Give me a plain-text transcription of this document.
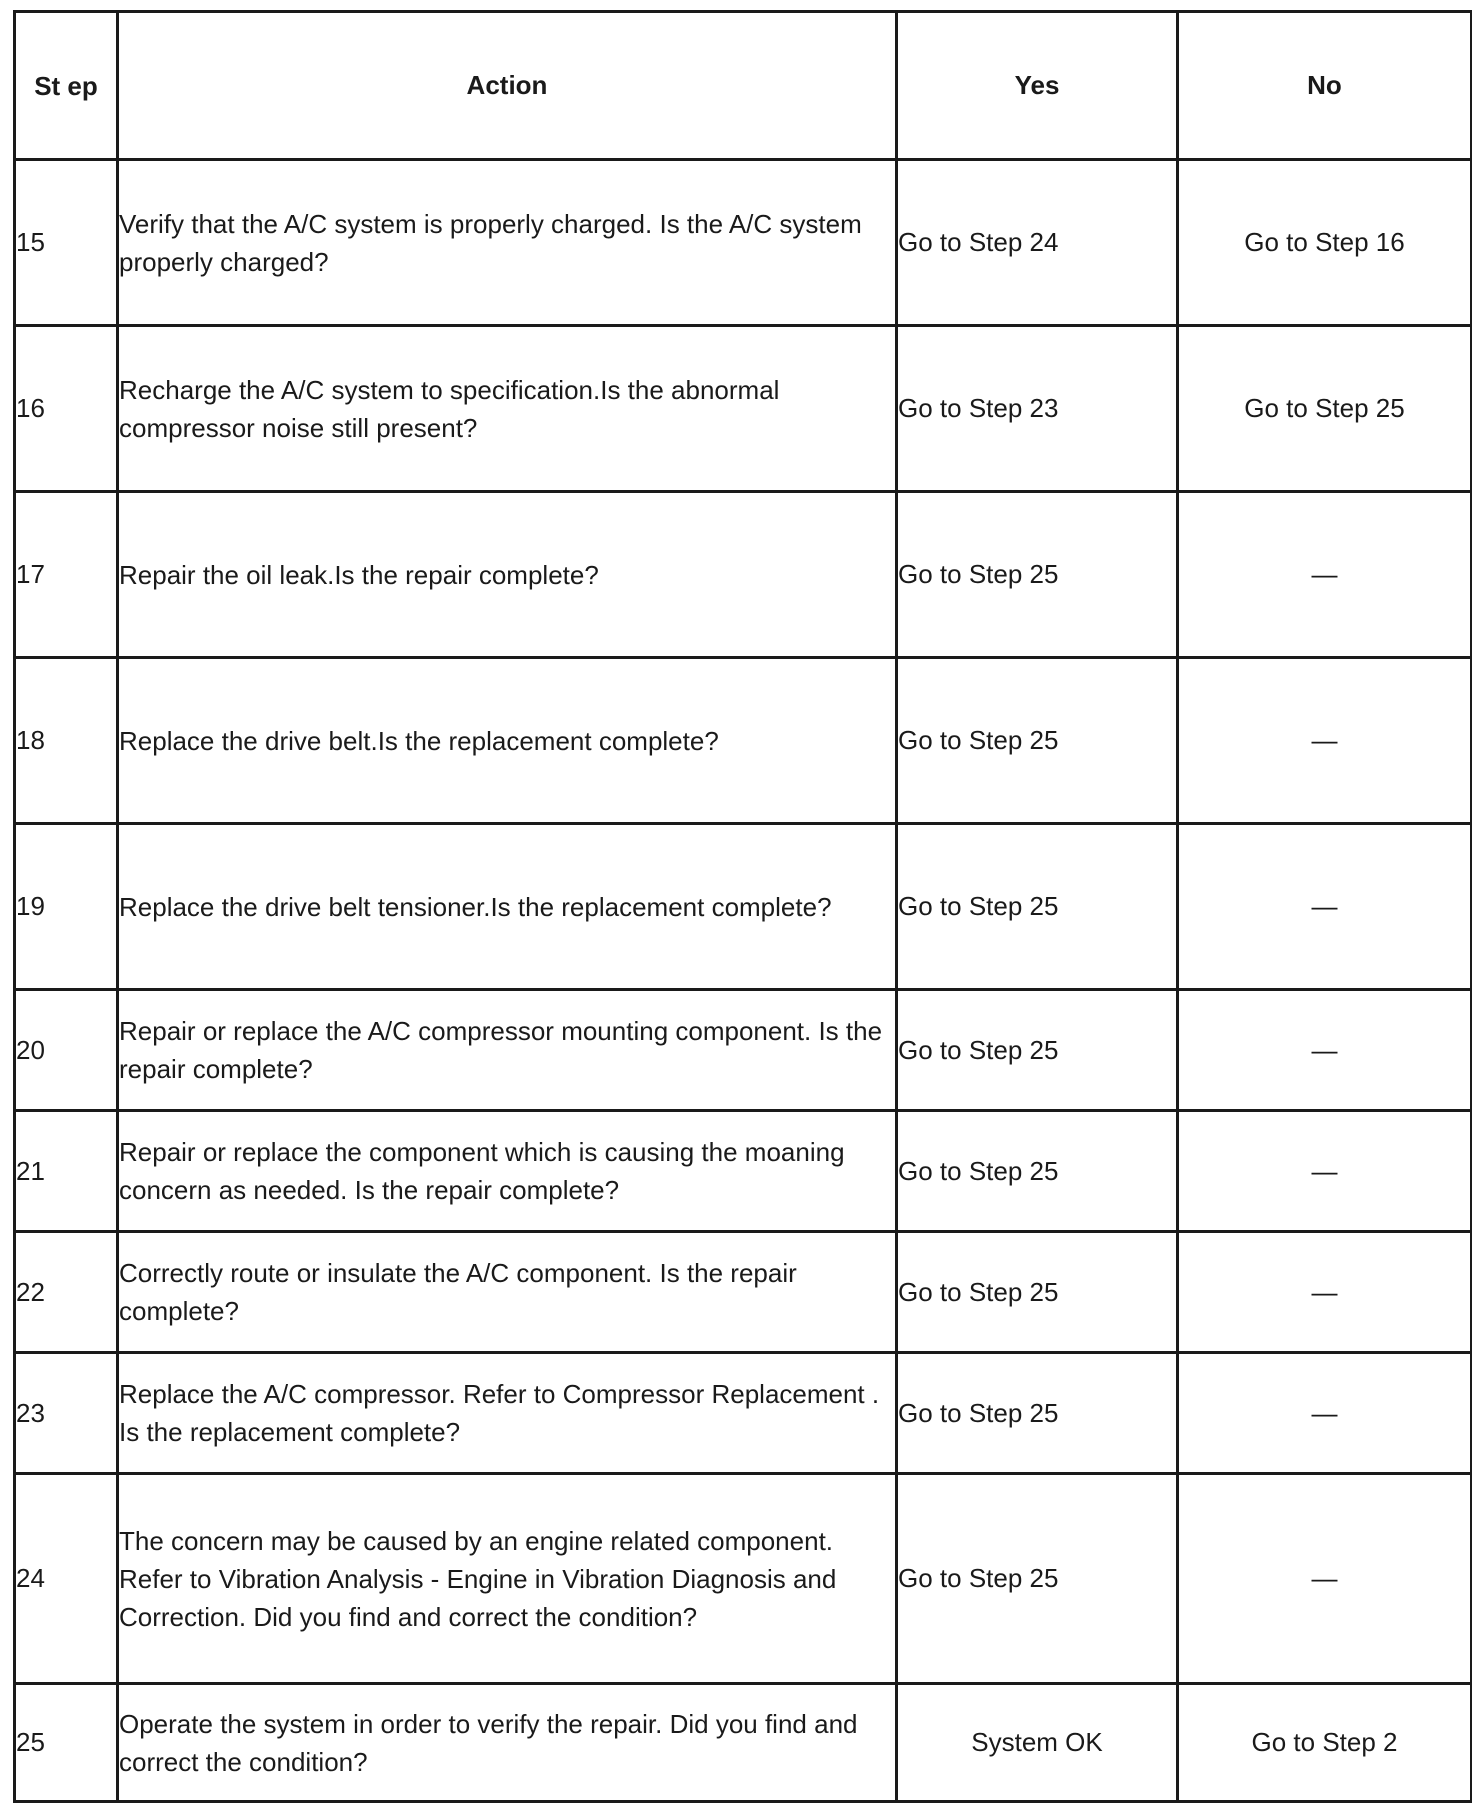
St ep	Action	Yes	No
15	Verify that the A/C system is properly charged. Is the A/C system properly charged?	Go to Step 24	Go to Step 16
16	Recharge the A/C system to specification.Is the abnormal compressor noise still present?	Go to Step 23	Go to Step 25
17	Repair the oil leak.Is the repair complete?	Go to Step 25	—
18	Replace the drive belt.Is the replacement complete?	Go to Step 25	—
19	Replace the drive belt tensioner.Is the replacement complete?	Go to Step 25	—
20	Repair or replace the A/C compressor mounting component. Is the repair complete?	Go to Step 25	—
21	Repair or replace the component which is causing the moaning concern as needed. Is the repair complete?	Go to Step 25	—
22	Correctly route or insulate the A/C component. Is the repair complete?	Go to Step 25	—
23	Replace the A/C compressor. Refer to Compressor Replacement . Is the replacement complete?	Go to Step 25	—
24	The concern may be caused by an engine related component. Refer to Vibration Analysis - Engine in Vibration Diagnosis and Correction. Did you find and correct the condition?	Go to Step 25	—
25	Operate the system in order to verify the repair. Did you find and correct the condition?	System OK	Go to Step 2
